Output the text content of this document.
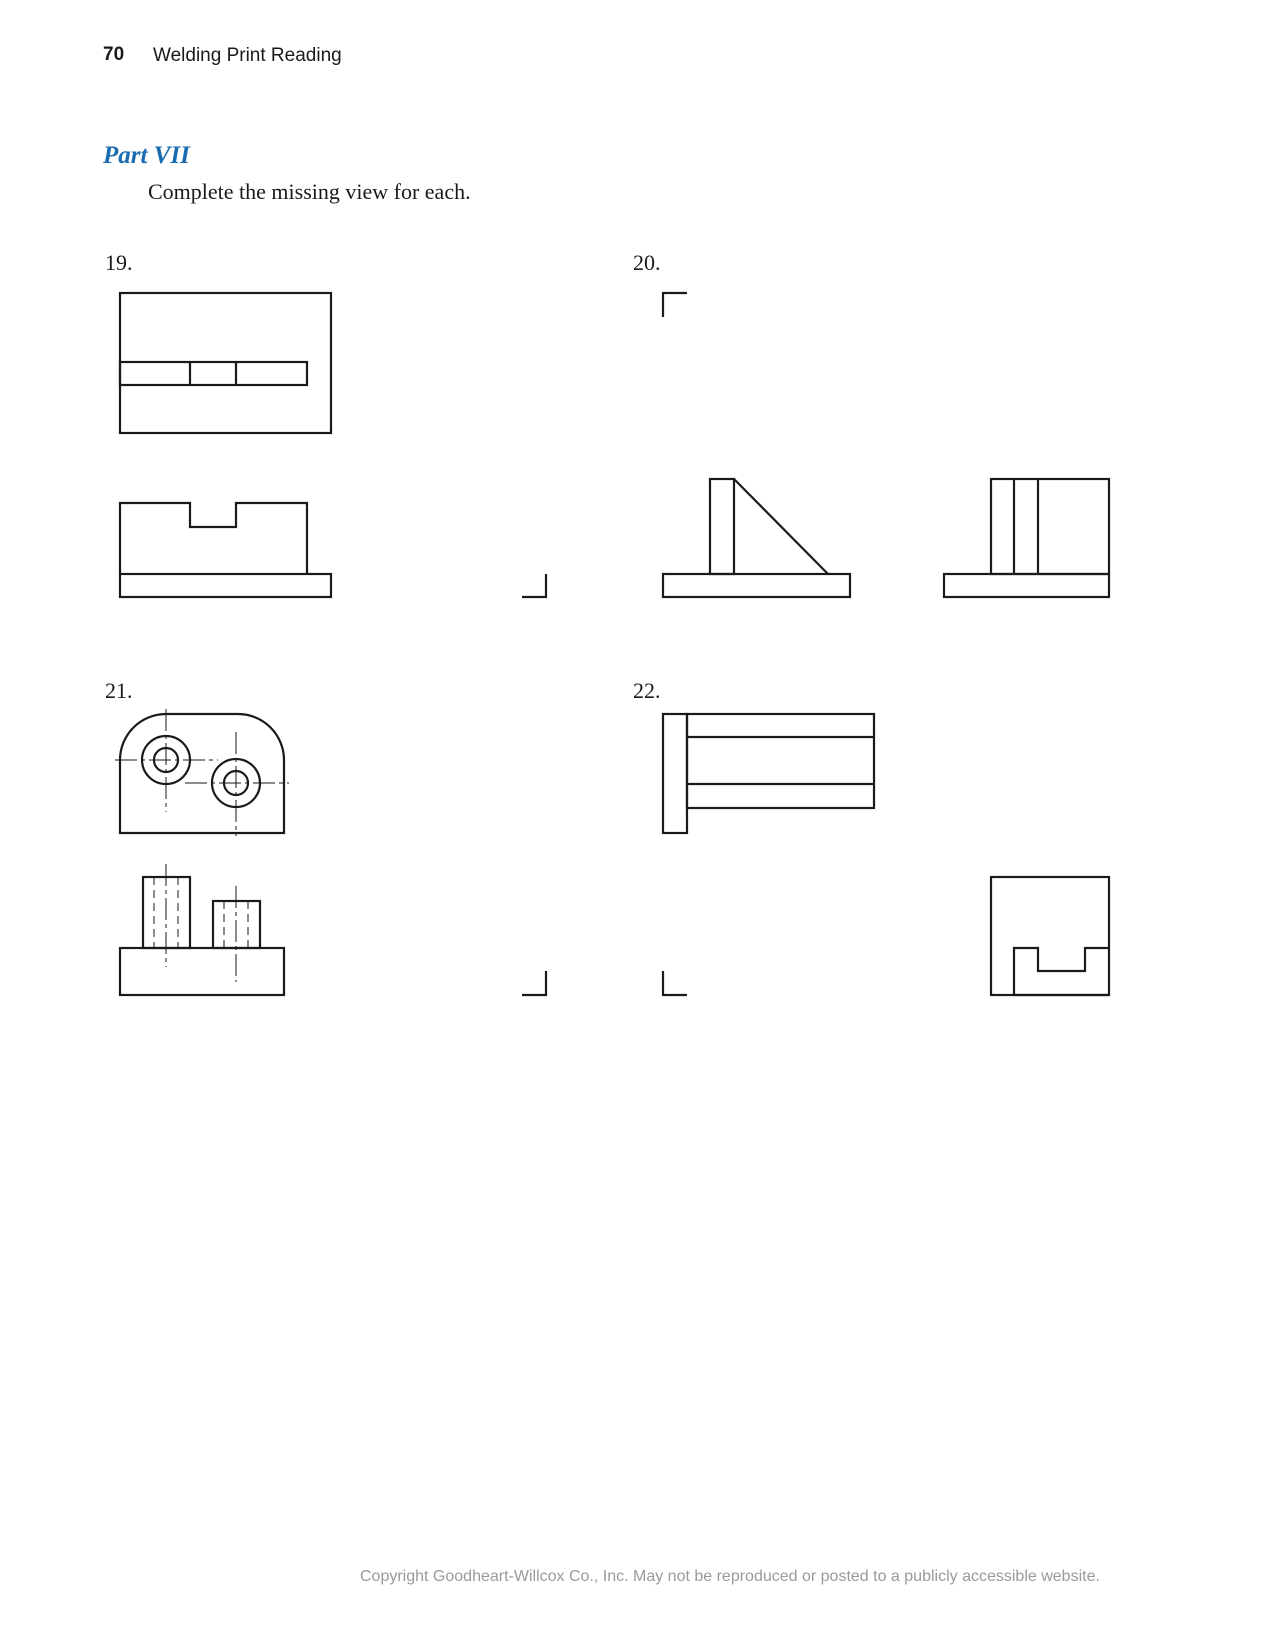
70 Welding Print Reading
Part VII
Complete the missing view for each.
19.	20.
21.	22.
Copyright Goodheart-Willcox Co., Inc. May not be reproduced or posted to a publicly accessible website.
